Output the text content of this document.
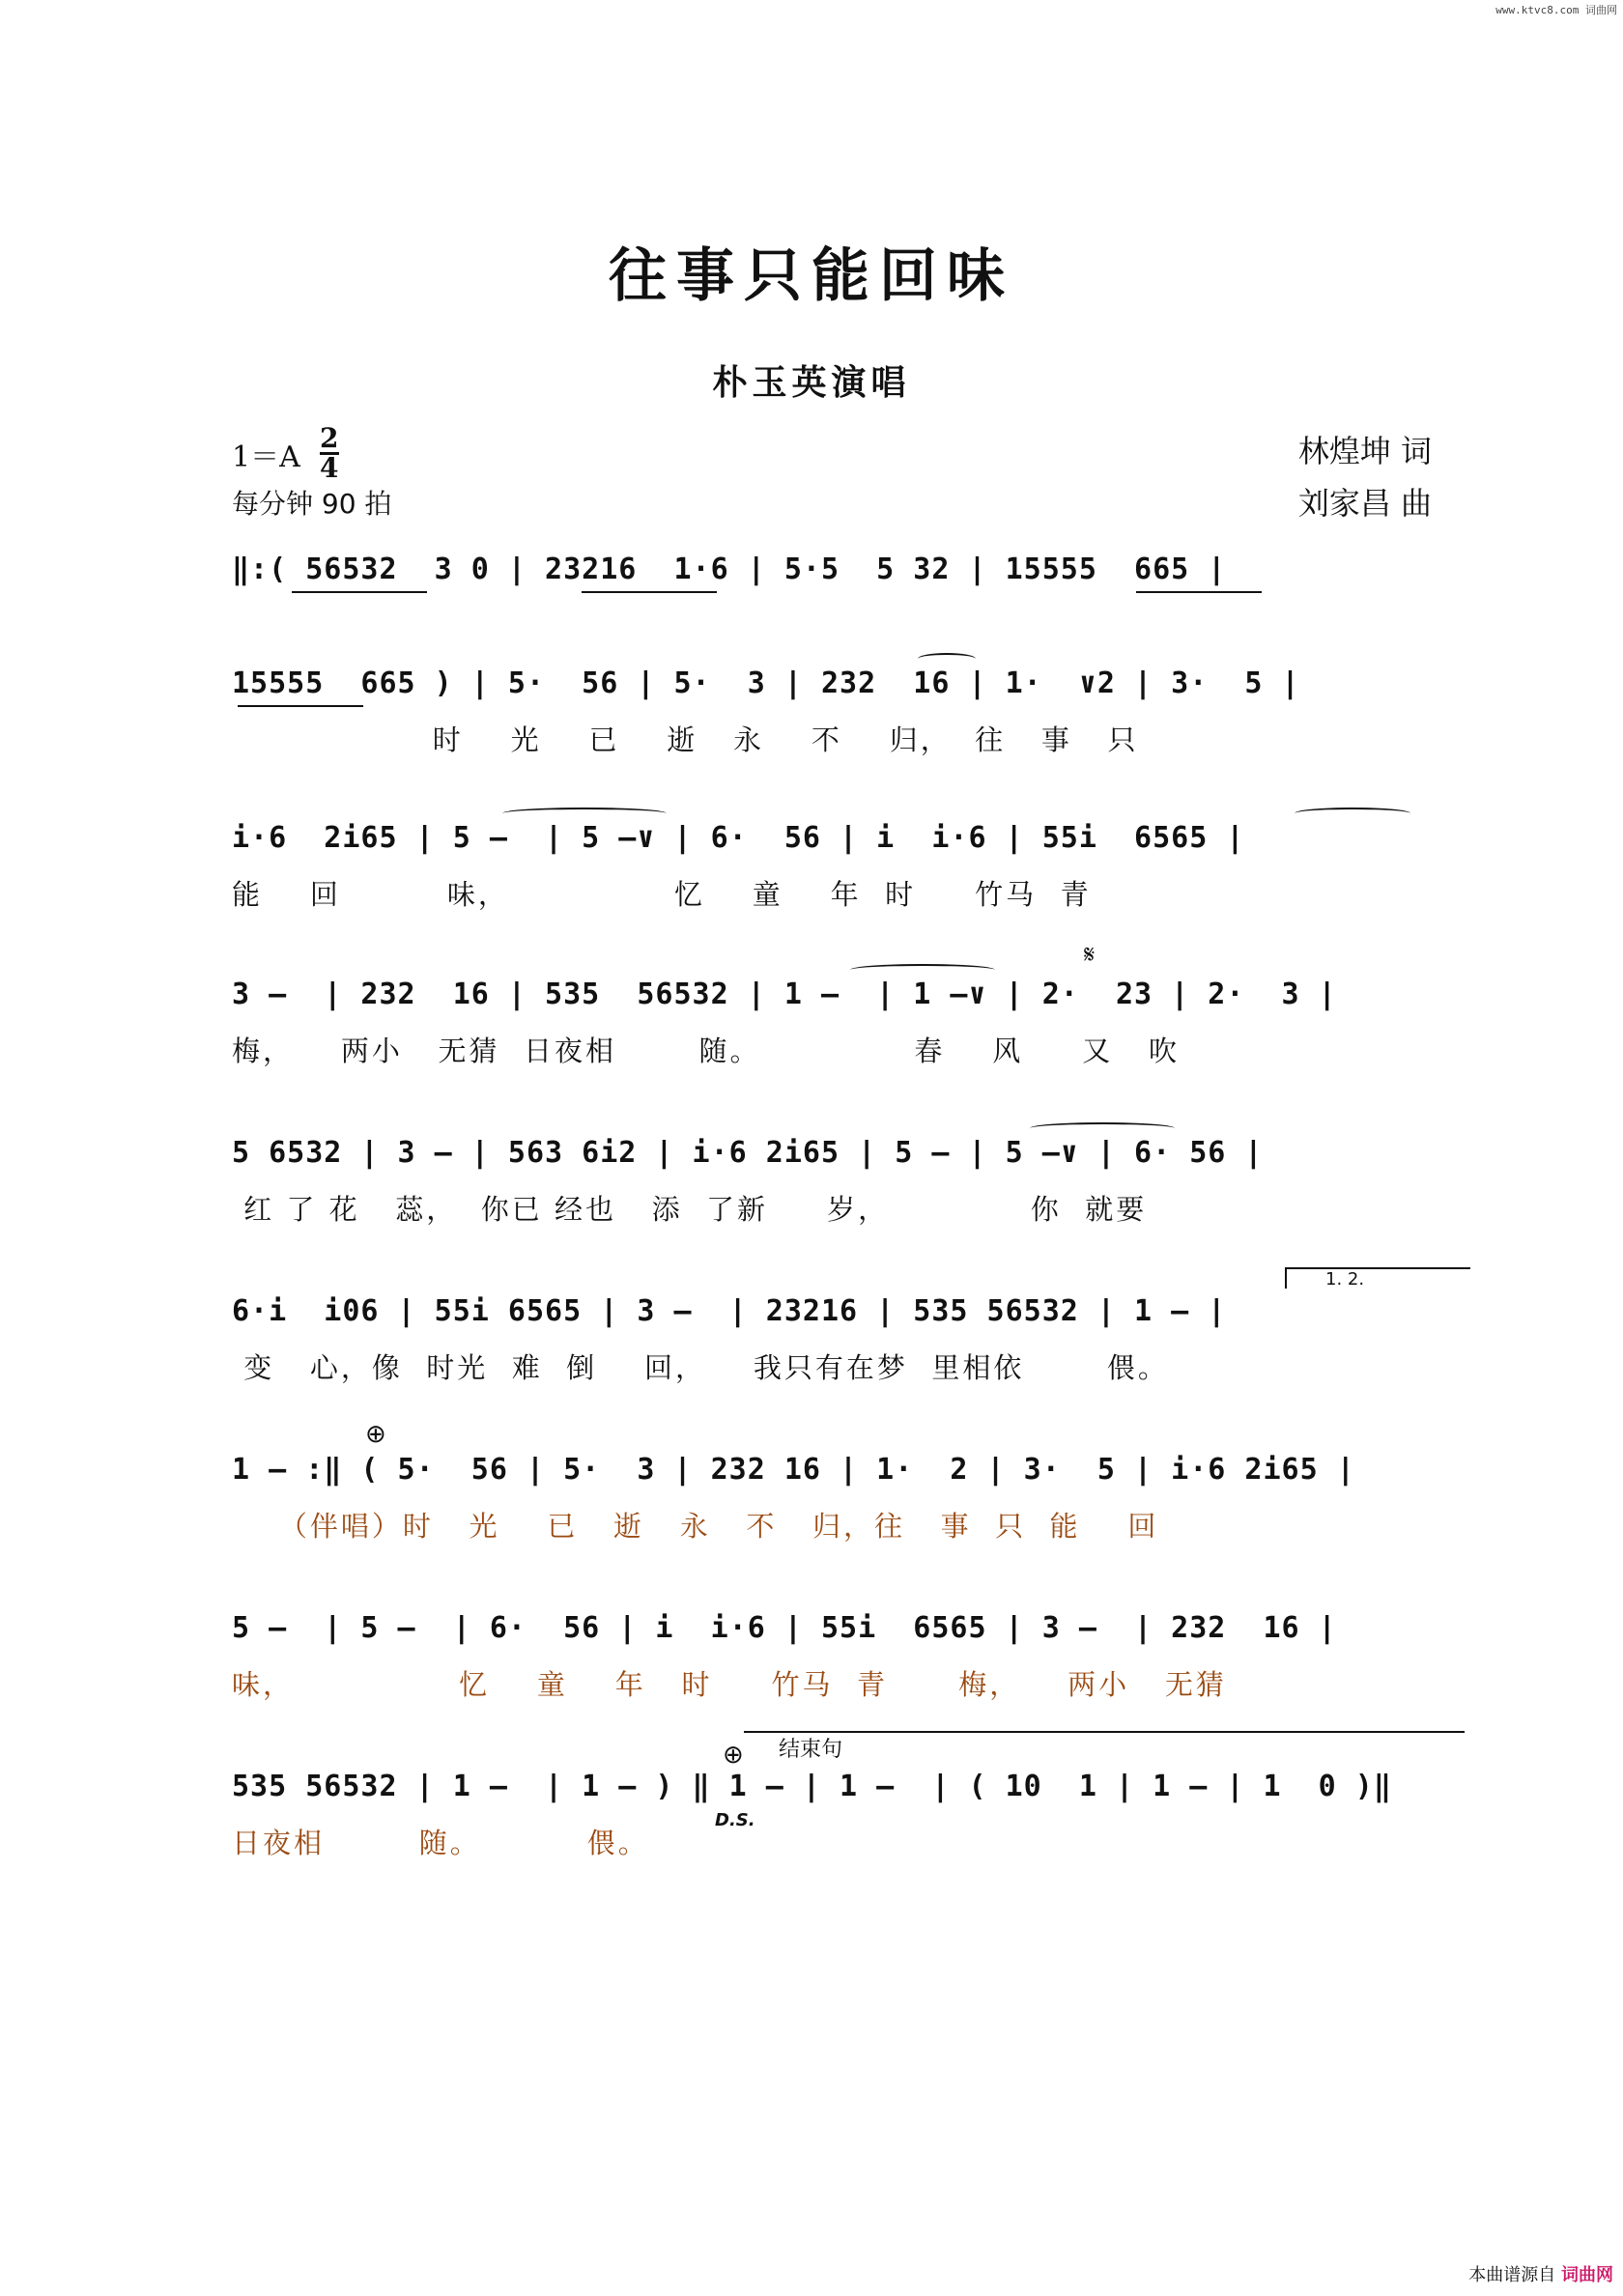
www.ktvc8.com 词曲网
往事只能回味
朴玉英演唱
1＝A
2
4
每分钟 90 拍
林煌坤 词
刘家昌 曲
‖:( 56532  3 0 | 23216  1·6 | 5·5  5 32 | 15555  665 |
15555  665 ) | 5·  56 | 5·  3 | 232  16 | 1·  ∨2 | 3·  5 |
时    光    已    逝   永    不    归，  往   事   只
i·6  2i65 | 5 —  | 5 —∨ | 6·  56 | i  i·6 | 55i  6565 |
能    回         味，              忆    童    年  时     竹马  青
3 —  | 232  16 | 535  56532 | 1 —  | 1 —∨ | 2·  23 | 2·  3 |
梅，    两小   无猜  日夜相       随。             春    风     又   吹
𝄋
5 6532 | 3 — | 563 6i2 | i·6 2i65 | 5 — | 5 —∨ | 6· 56 |
红 了 花   蕊，  你已 经也   添  了新     岁，            你  就要
6·i  i06 | 55i 6565 | 3 —  | 23216 | 535 56532 | 1 — |
变   心，像  时光  难  倒    回，    我只有在梦  里相依       偎。
1. 2.
1 — :‖ ( 5·  56 | 5·  3 | 232 16 | 1·  2 | 3·  5 | i·6 2i65 |
（伴唱）时   光    已   逝   永   不   归，往   事  只  能    回
⊕
5 —  | 5 —  | 6·  56 | i  i·6 | 55i  6565 | 3 —  | 232  16 |
味，              忆    童    年   时     竹马  青      梅，    两小   无猜
535 56532 | 1 —  | 1 — ) ‖ 1 — | 1 —  | ( 10  1 | 1 — | 1  0 )‖
日夜相        随。         偎。
⊕	结束句
D.S.
本曲谱源自 词曲网
